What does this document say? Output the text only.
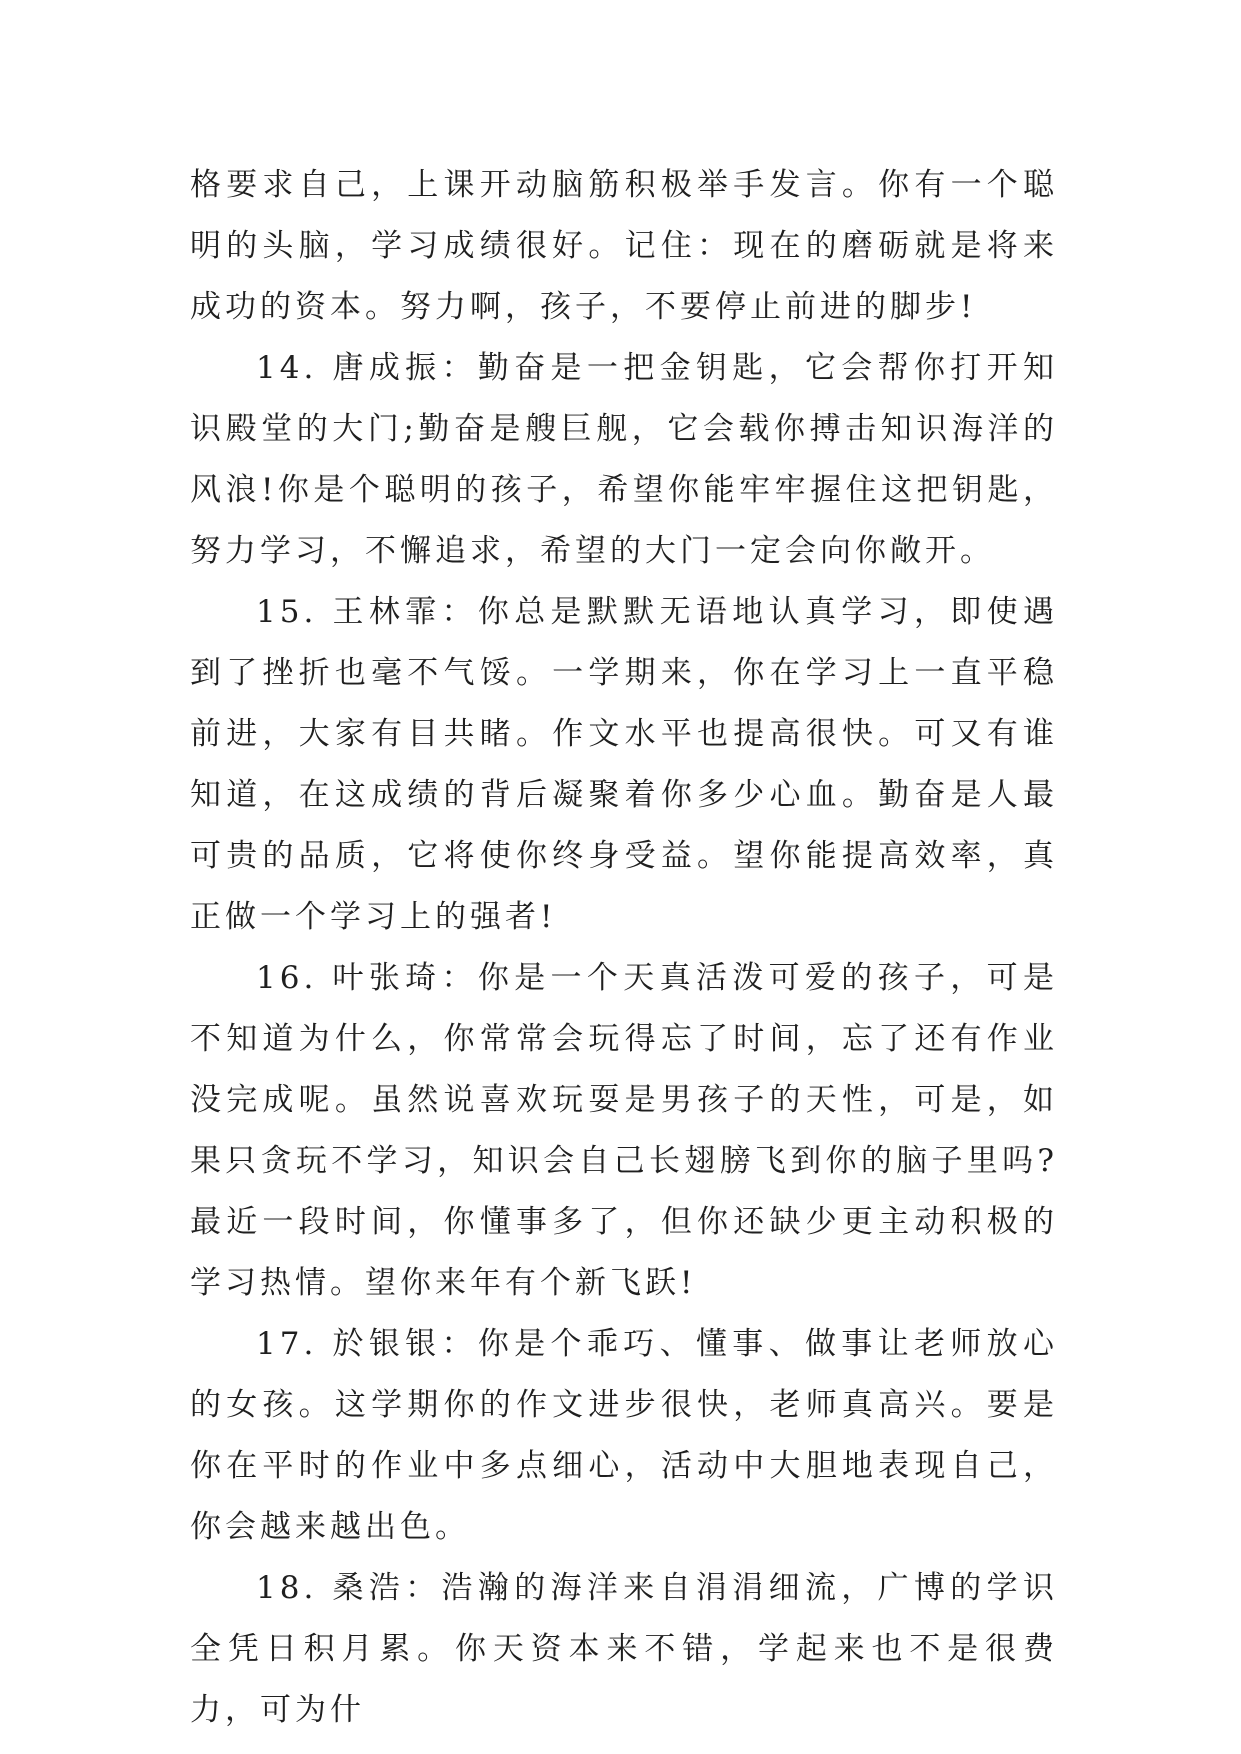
格要求自己，上课开动脑筋积极举手发言。你有一个聪明的头脑，学习成绩很好。记住：现在的磨砺就是将来成功的资本。努力啊，孩子，不要停止前进的脚步!

14. 唐成振：勤奋是一把金钥匙，它会帮你打开知识殿堂的大门;勤奋是艘巨舰，它会载你搏击知识海洋的风浪!你是个聪明的孩子，希望你能牢牢握住这把钥匙，努力学习，不懈追求，希望的大门一定会向你敞开。

15. 王林霏：你总是默默无语地认真学习，即使遇到了挫折也毫不气馁。一学期来，你在学习上一直平稳前进，大家有目共睹。作文水平也提高很快。可又有谁知道，在这成绩的背后凝聚着你多少心血。勤奋是人最可贵的品质，它将使你终身受益。望你能提高效率，真正做一个学习上的强者!

16. 叶张琦：你是一个天真活泼可爱的孩子，可是不知道为什么，你常常会玩得忘了时间，忘了还有作业没完成呢。虽然说喜欢玩耍是男孩子的天性，可是，如果只贪玩不学习，知识会自己长翅膀飞到你的脑子里吗?最近一段时间，你懂事多了，但你还缺少更主动积极的学习热情。望你来年有个新飞跃!

17. 於银银：你是个乖巧、懂事、做事让老师放心的女孩。这学期你的作文进步很快，老师真高兴。要是你在平时的作业中多点细心，活动中大胆地表现自己，你会越来越出色。

18. 桑浩：浩瀚的海洋来自涓涓细流，广博的学识全凭日积月累。你天资本来不错，学起来也不是很费力，可为什
